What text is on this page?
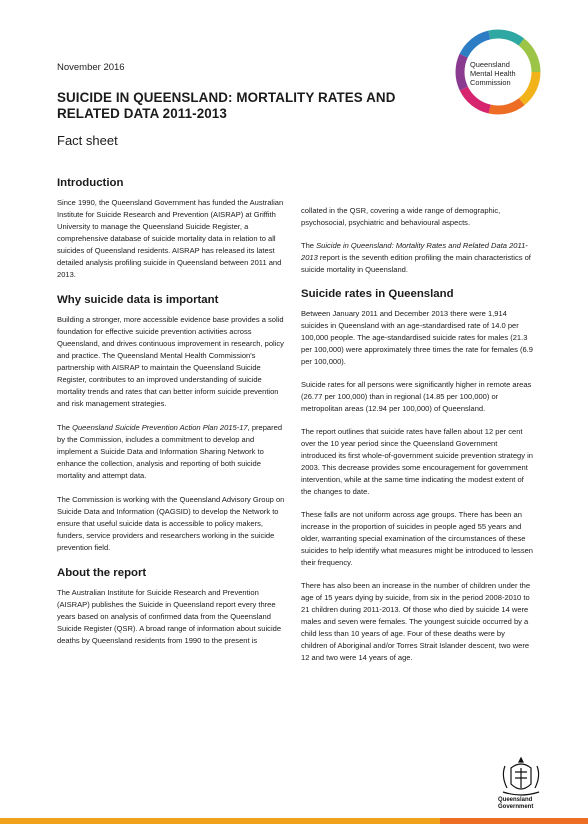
November 2016
SUICIDE IN QUEENSLAND: MORTALITY RATES AND RELATED DATA 2011-2013
Fact sheet
Queensland
Mental Health
Commission
Introduction

Since 1990, the Queensland Government has funded the Australian Institute for Suicide Research and Prevention (AISRAP) at Griffith University to manage the Queensland Suicide Register, a comprehensive database of suicide mortality data in relation to all suicides of Queensland residents. AISRAP has released its latest detailed analysis profiling suicide in Queensland between 2011 and 2013.

Why suicide data is important

Building a stronger, more accessible evidence base provides a solid foundation for effective suicide prevention activities across Queensland, and drives continuous improvement in research, policy and practice. The Queensland Mental Health Commission's partnership with AISRAP to maintain the Queensland Suicide Register, contributes to an improved understanding of suicide mortality trends and rates that can better inform suicide prevention and risk management strategies.

The Queensland Suicide Prevention Action Plan 2015-17, prepared by the Commission, includes a commitment to develop and implement a Suicide Data and Information Sharing Network to enhance the collection, analysis and reporting of both suicide mortality and attempt data.

The Commission is working with the Queensland Advisory Group on Suicide Data and Information (QAGSID) to develop the Network to ensure that useful suicide data is accessible to policy makers, funders, service providers and researchers working in the suicide prevention field.

About the report

The Australian Institute for Suicide Research and Prevention (AISRAP) publishes the Suicide in Queensland report every three years based on analysis of confirmed data from the Queensland Suicide Register (QSR). A broad range of information about suicide deaths by Queensland residents from 1990 to the present is

collated in the QSR, covering a wide range of demographic, psychosocial, psychiatric and behavioural aspects.

The Suicide in Queensland: Mortality Rates and Related Data 2011-2013 report is the seventh edition profiling the main characteristics of suicide mortality in Queensland.

Suicide rates in Queensland

Between January 2011 and December 2013 there were 1,914 suicides in Queensland with an age-standardised rate of 14.0 per 100,000 people. The age-standardised suicide rates for males (21.3 per 100,000) were approximately three times the rate for females (6.9 per 100,000).

Suicide rates for all persons were significantly higher in remote areas (26.77 per 100,000) than in regional (14.85 per 100,000) or metropolitan areas (12.94 per 100,000) of Queensland.

The report outlines that suicide rates have fallen about 12 per cent over the 10 year period since the Queensland Government introduced its first whole-of-government suicide prevention strategy in 2003. This decrease provides some encouragement for government intervention, while at the same time indicating the modest extent of the changes to date.

These falls are not uniform across age groups. There has been an increase in the proportion of suicides in people aged 55 years and older, warranting special examination of the circumstances of these suicides to help identify what measures might be introduced to lessen their frequency.

There has also been an increase in the number of children under the age of 15 years dying by suicide, from six in the period 2008-2010 to 21 children during 2011-2013. Of those who died by suicide 14 were males and seven were females. The youngest suicide occurred by a child less than 10 years of age. Four of these deaths were by children of Aboriginal and/or Torres Strait Islander descent, two were 12 and two were 14 years of age.

Queensland
Government
